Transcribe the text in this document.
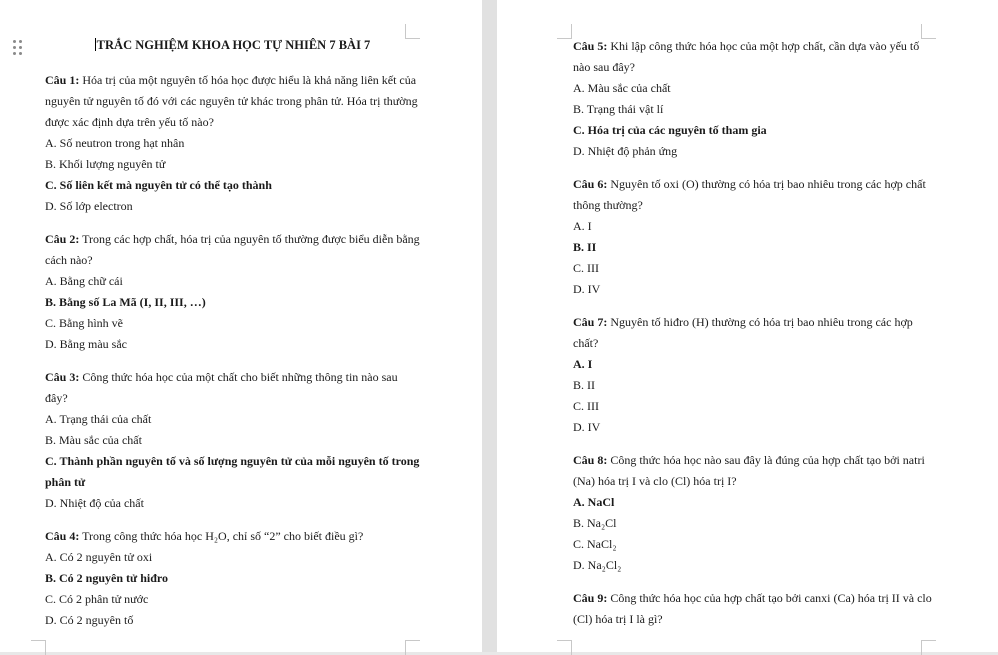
TRẮC NGHIỆM KHOA HỌC TỰ NHIÊN 7 BÀI 7
Câu 1: Hóa trị của một nguyên tố hóa học được hiểu là khả năng liên kết của nguyên tử nguyên tố đó với các nguyên tử khác trong phân tử. Hóa trị thường được xác định dựa trên yếu tố nào?
A. Số neutron trong hạt nhân
B. Khối lượng nguyên tử
C. Số liên kết mà nguyên tử có thể tạo thành
D. Số lớp electron
Câu 2: Trong các hợp chất, hóa trị của nguyên tố thường được biểu diễn bằng cách nào?
A. Bằng chữ cái
B. Bằng số La Mã (I, II, III, …)
C. Bằng hình vẽ
D. Bằng màu sắc
Câu 3: Công thức hóa học của một chất cho biết những thông tin nào sau đây?
A. Trạng thái của chất
B. Màu sắc của chất
C. Thành phần nguyên tố và số lượng nguyên tử của mỗi nguyên tố trong phân tử
D. Nhiệt độ của chất
Câu 4: Trong công thức hóa học H₂O, chỉ số “2” cho biết điều gì?
A. Có 2 nguyên tử oxi
B. Có 2 nguyên tử hiđro
C. Có 2 phân tử nước
D. Có 2 nguyên tố
Câu 5: Khi lập công thức hóa học của một hợp chất, cần dựa vào yếu tố nào sau đây?
A. Màu sắc của chất
B. Trạng thái vật lí
C. Hóa trị của các nguyên tố tham gia
D. Nhiệt độ phản ứng
Câu 6: Nguyên tố oxi (O) thường có hóa trị bao nhiêu trong các hợp chất thông thường?
A. I
B. II
C. III
D. IV
Câu 7: Nguyên tố hiđro (H) thường có hóa trị bao nhiêu trong các hợp chất?
A. I
B. II
C. III
D. IV
Câu 8: Công thức hóa học nào sau đây là đúng của hợp chất tạo bởi natri (Na) hóa trị I và clo (Cl) hóa trị I?
A. NaCl
B. Na₂Cl
C. NaCl₂
D. Na₂Cl₂
Câu 9: Công thức hóa học của hợp chất tạo bởi canxi (Ca) hóa trị II và clo (Cl) hóa trị I là gì?
